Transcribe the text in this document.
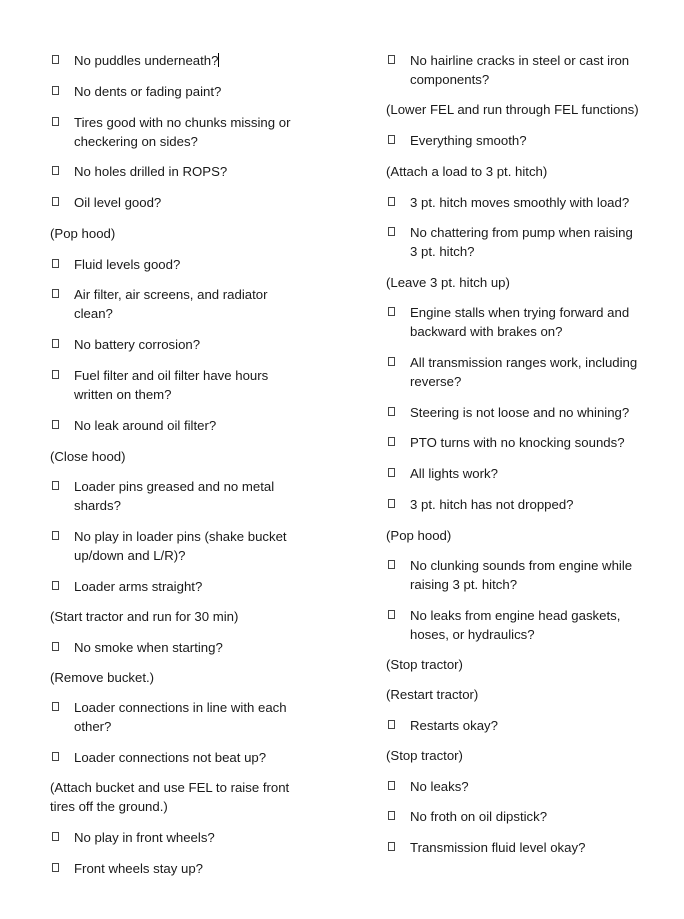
No puddles underneath?
No dents or fading paint?
Tires good with no chunks missing or
checkering on sides?
No holes drilled in ROPS?
Oil level good?
(Pop hood)
Fluid levels good?
Air filter, air screens, and radiator
clean?
No battery corrosion?
Fuel filter and oil filter have hours
written on them?
No leak around oil filter?
(Close hood)
Loader pins greased and no metal
shards?
No play in loader pins (shake bucket
up/down and L/R)?
Loader arms straight?
(Start tractor and run for 30 min)
No smoke when starting?
(Remove bucket.)
Loader connections in line with each
other?
Loader connections not beat up?
(Attach bucket and use FEL to raise front
tires off the ground.)
No play in front wheels?
Front wheels stay up?
No hairline cracks in steel or cast iron
components?
(Lower FEL and run through FEL functions)
Everything smooth?
(Attach a load to 3 pt. hitch)
3 pt. hitch moves smoothly with load?
No chattering from pump when raising
3 pt. hitch?
(Leave 3 pt. hitch up)
Engine stalls when trying forward and
backward with brakes on?
All transmission ranges work, including
reverse?
Steering is not loose and no whining?
PTO turns with no knocking sounds?
All lights work?
3 pt. hitch has not dropped?
(Pop hood)
No clunking sounds from engine while
raising 3 pt. hitch?
No leaks from engine head gaskets,
hoses, or hydraulics?
(Stop tractor)
(Restart tractor)
Restarts okay?
(Stop tractor)
No leaks?
No froth on oil dipstick?
Transmission fluid level okay?
